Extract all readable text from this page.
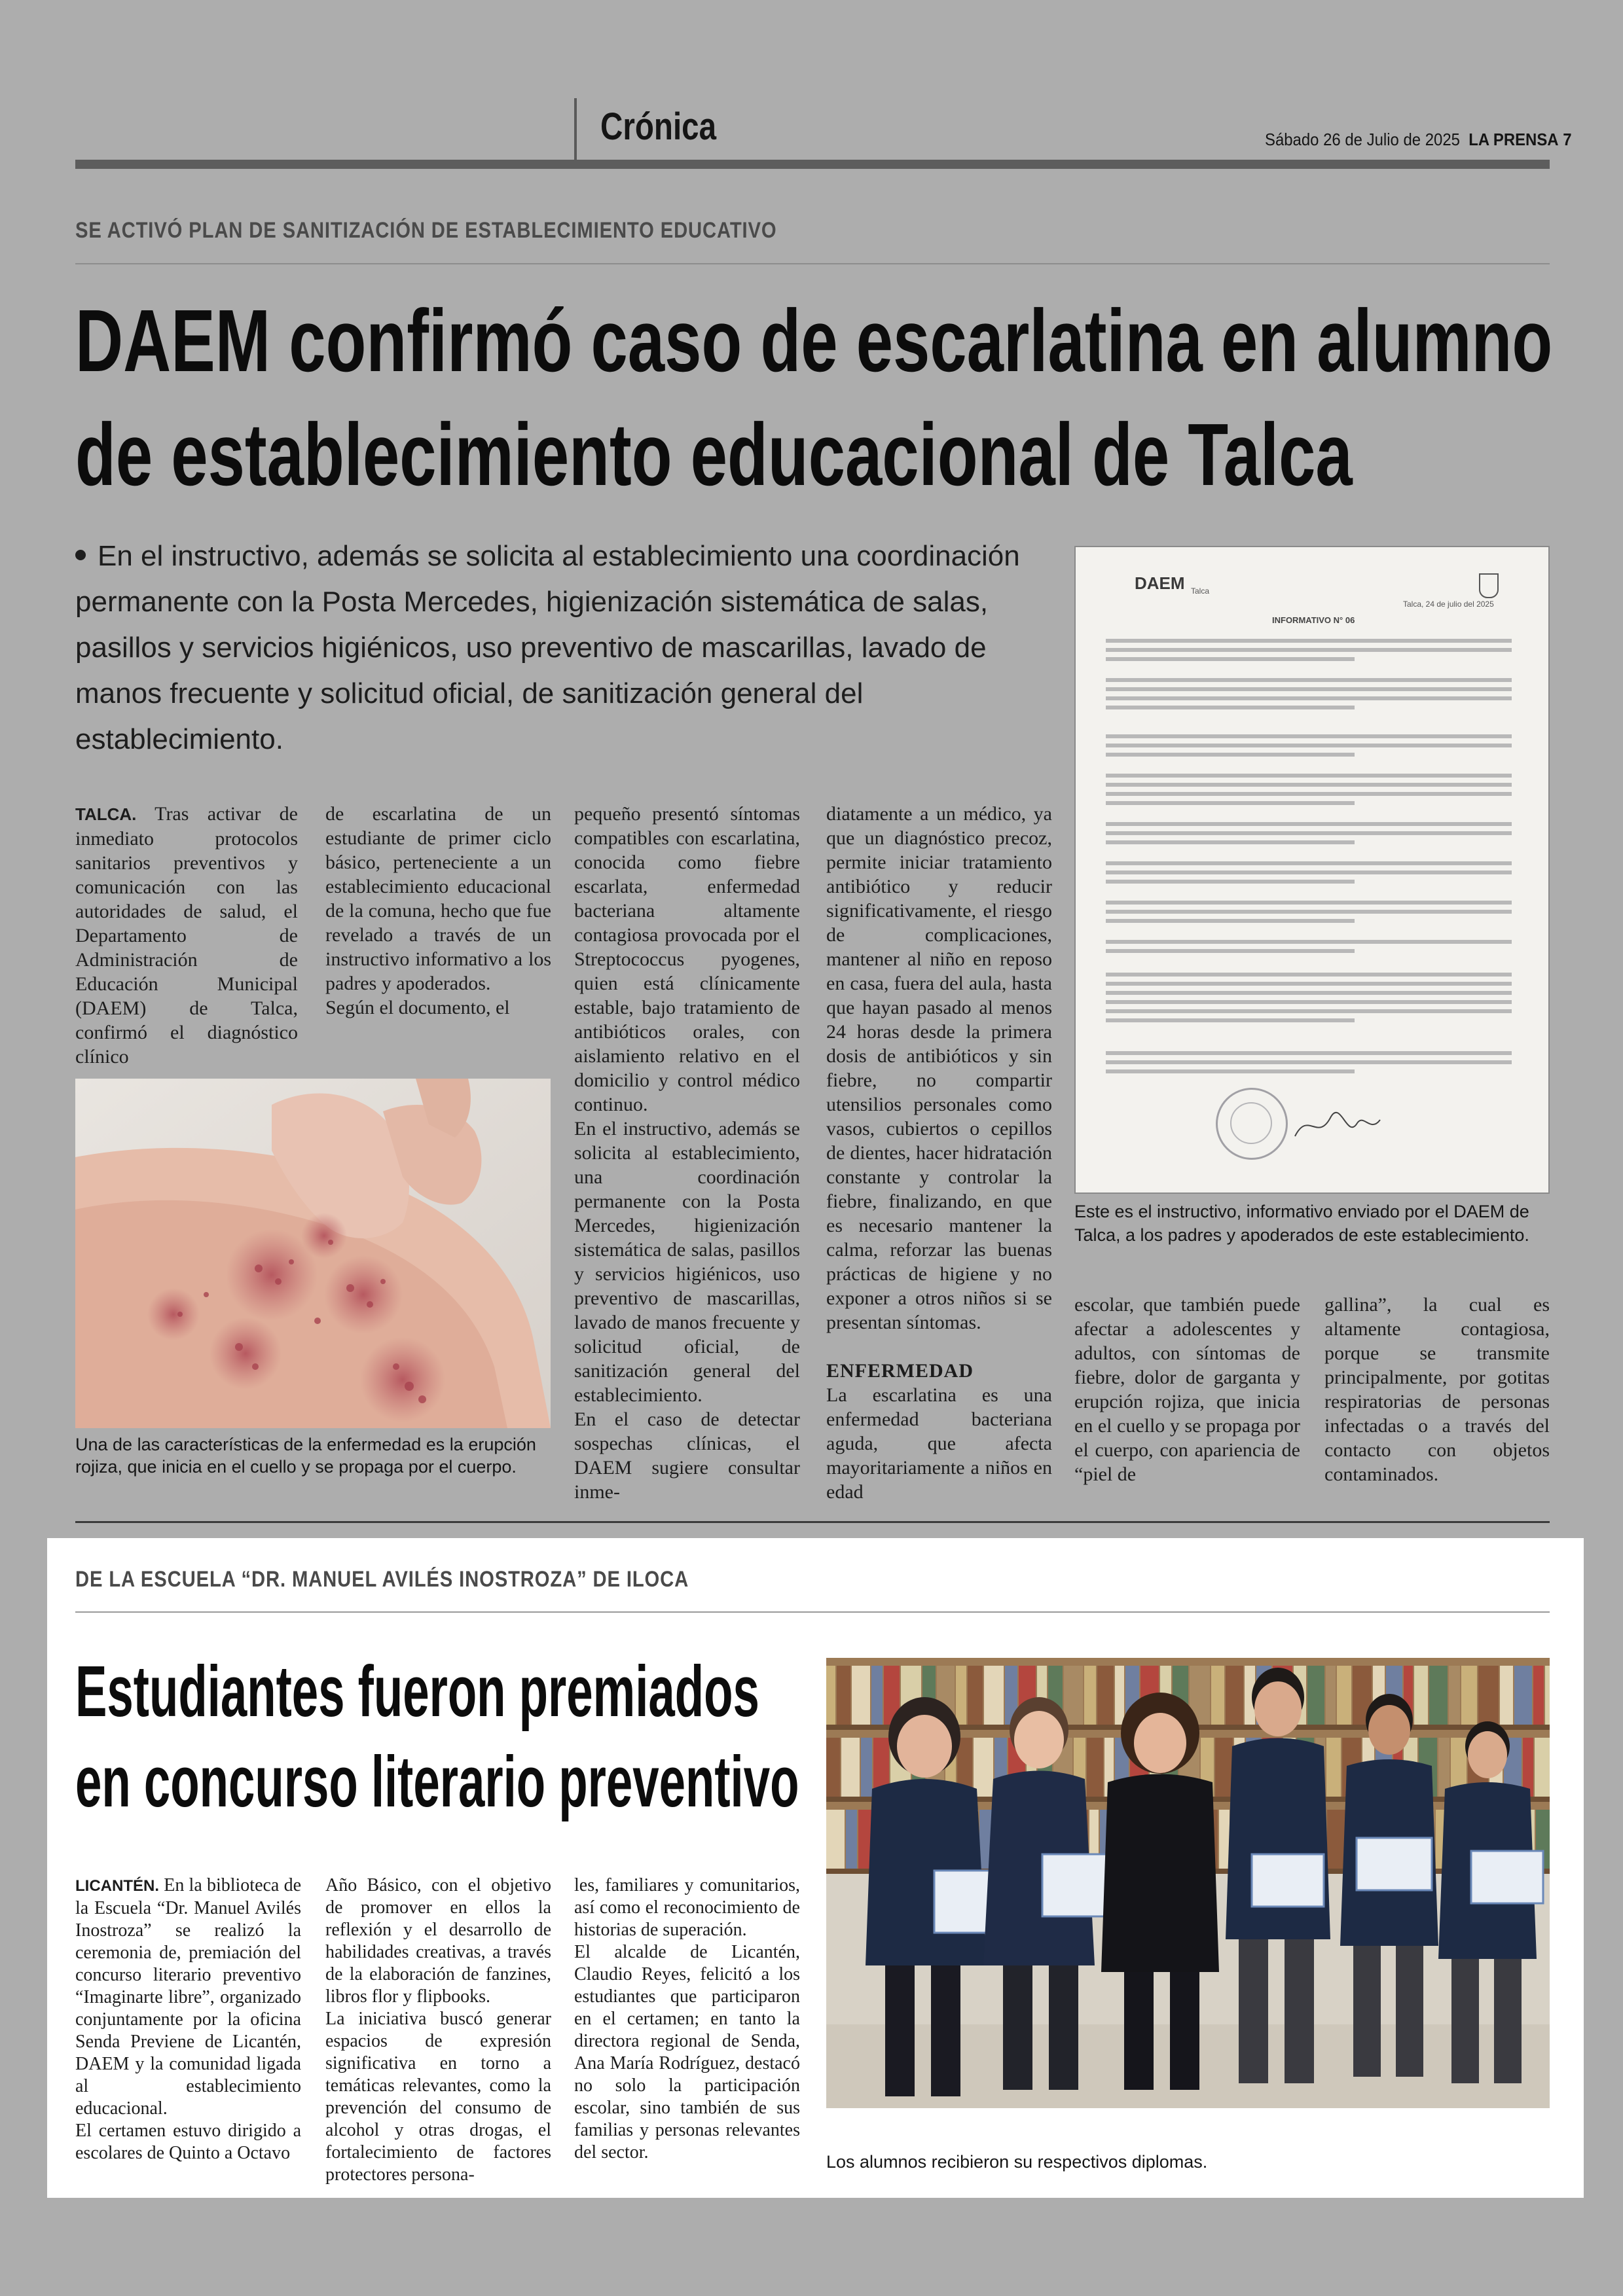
Crónica	Sábado 26 de Julio de 2025 LA PRENSA 7
SE ACTIVÓ PLAN DE SANITIZACIÓN DE ESTABLECIMIENTO EDUCATIVO
DAEM confirmó caso de escarlatina en alumno
de establecimiento educacional de Talca
En el instructivo, además se solicita al establecimiento una coordinación permanente con la Posta Mercedes, higienización sistemática de salas, pasillos y servicios higiénicos, uso preventivo de mascarillas, lavado de manos frecuente y solicitud oficial, de sanitización general del establecimiento.

TALCA. Tras activar de inmediato protocolos sanitarios preventivos y comunicación con las autoridades de salud, el Departamento de Administración de Educación Municipal (DAEM) de Talca, confirmó el diagnóstico clínico

de escarlatina de un estudiante de primer ciclo básico, perteneciente a un establecimiento educacional de la comuna, hecho que fue revelado a través de un instructivo informativo a los padres y apoderados.

Según el documento, el

pequeño presentó síntomas compatibles con escarlatina, conocida como fiebre escarlata, enfermedad bacteriana altamente contagiosa provocada por el Streptococcus pyogenes, quien está clínicamente estable, bajo tratamiento de antibióticos orales, con aislamiento relativo en el domicilio y control médico continuo.

En el instructivo, además se solicita al establecimiento, una coordinación permanente con la Posta Mercedes, higienización sistemática de salas, pasillos y servicios higiénicos, uso preventivo de mascarillas, lavado de manos frecuente y solicitud oficial, de sanitización general del establecimiento.

En el caso de detectar sospechas clínicas, el DAEM sugiere consultar inme-

diatamente a un médico, ya que un diagnóstico precoz, permite iniciar tratamiento antibiótico y reducir significativamente, el riesgo de complicaciones, mantener al niño en reposo en casa, fuera del aula, hasta que hayan pasado al menos 24 horas desde la primera dosis de antibióticos y sin fiebre, no compartir utensilios personales como vasos, cubiertos o cepillos de dientes, hacer hidratación constante y controlar la fiebre, finalizando, en que es necesario mantener la calma, reforzar las buenas prácticas de higiene y no exponer a otros niños si se presentan síntomas.

ENFERMEDAD

La escarlatina es una enfermedad bacteriana aguda, que afecta mayoritariamente a niños en edad

escolar, que también puede afectar a adolescentes y adultos, con síntomas de fiebre, dolor de garganta y erupción rojiza, que inicia en el cuello y se propaga por el cuerpo, con apariencia de “piel de

gallina”, la cual es altamente contagiosa, porque se transmite principalmente, por gotitas respiratorias de personas infectadas o a través del contacto con objetos contaminados.

Una de las características de la enfermedad es la erupción rojiza, que inicia en el cuello y se propaga por el cuerpo.
DAEM Talca
INFORMATIVO N° 06
Talca, 24 de julio del 2025
Este es el instructivo, informativo enviado por el DAEM de Talca, a los padres y apoderados de este establecimiento.
DE LA ESCUELA “DR. MANUEL AVILÉS INOSTROZA” DE ILOCA
Estudiantes fueron premiados
en concurso literario preventivo

LICANTÉN. En la biblioteca de la Escuela “Dr. Manuel Avilés Inostroza” se realizó la ceremonia de, premiación del concurso literario preventivo “Imaginarte libre”, organizado conjuntamente por la oficina Senda Previene de Licantén, DAEM y la comunidad ligada al establecimiento educacional.

El certamen estuvo dirigido a escolares de Quinto a Octavo

Año Básico, con el objetivo de promover en ellos la reflexión y el desarrollo de habilidades creativas, a través de la elaboración de fanzines, libros flor y flipbooks.

La iniciativa buscó generar espacios de expresión significativa en torno a temáticas relevantes, como la prevención del consumo de alcohol y otras drogas, el fortalecimiento de factores protectores persona-

les, familiares y comunitarios, así como el reconocimiento de historias de superación.

El alcalde de Licantén, Claudio Reyes, felicitó a los estudiantes que participaron en el certamen; en tanto la directora regional de Senda, Ana María Rodríguez, destacó no solo la participación escolar, sino también de sus familias y personas relevantes del sector.	Los alumnos recibieron su respectivos diplomas.
